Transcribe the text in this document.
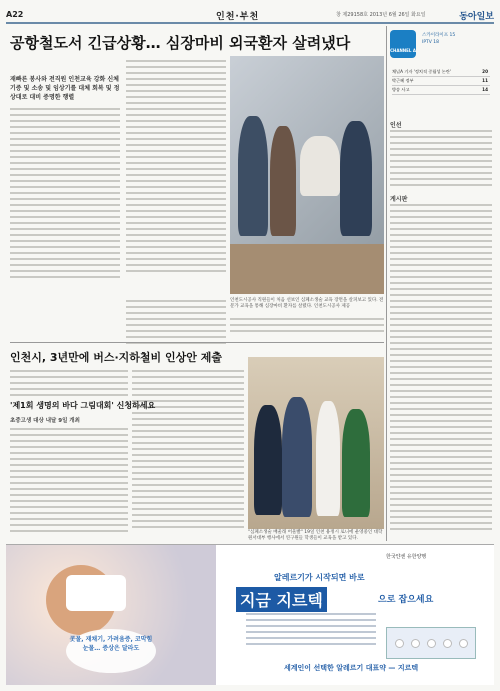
A22	인천·부천	창 제29158호 2013년 6월 26일 화요일	동아일보
공항철도서 긴급상황… 심장마비 외국환자 살려냈다
재빠른 봉사와 전직원 인천교육 강화 신체기증 및 소송 및 임상기를 대체 회복 및 정상대로 대비 증명한 행렬
인천도시공사 직원들이 처음 선보인 심폐소생술 교육 장면을 살펴보고 있다. 전문가 교육을 통해 심장마비 환자를 살렸다. 인천도시공사 제공
인천시, 3년만에 버스·지하철비 인상안 제출
'제1회 생명의 바다 그림대회' 신청하세요
초중고생 대상 내달 9일 개최
"심폐소생술 배울래 어울빨" 19일 인천 용정시 로니에 운영중인 대학원서대부 행사에서 연구원들 학생들이 교육을 받고 있다.
CHANNEL A
스카이라이프 15
IPTV 18
채널A 기자 '정치적 중립성 논란'	20
박근혜 정부	11
방송 사고	14
인선
게시판
콧물, 재채기, 가려움증, 코막힘 눈물… 증상은 달라도
한국얀센 유한양행
알레르기가 시작되면 바로
지금 지르텍	으로 잡으세요
세계인이 선택한 알레르기 대표약 — 지르텍
